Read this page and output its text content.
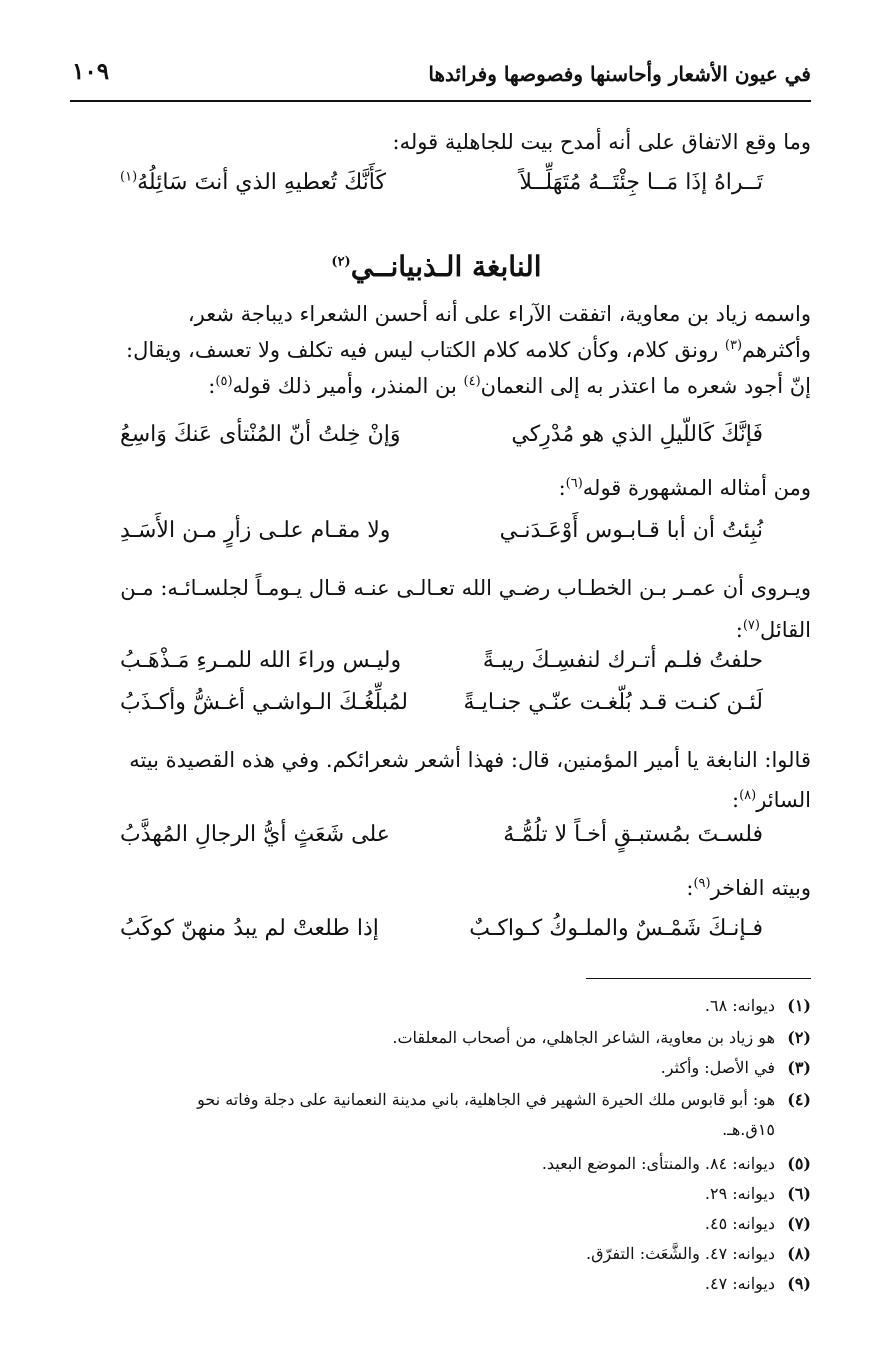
في عيون الأشعار وأحاسنها وفصوصها وفرائدها
١٠٩
وما وقع الاتفاق على أنه أمدح بيت للجاهلية قوله:
تَــراهُ إذَا مَــا جِئْتَــهُ مُتَهَلِّــلاً
كَأَنَّكَ تُعطيهِ الذي أنتَ سَائِلُهُ$^{(١)}$
النابغة الـذبيانــي$^{(٢)}$
واسمه زياد بن معاوية، اتفقت الآراء على أنه أحسن الشعراء ديباجة شعر،
وأكثرهم$^{(٣)}$ رونق كلام، وكأن كلامه كلام الكتاب ليس فيه تكلف ولا تعسف، ويقال:
إنّ أجود شعره ما اعتذر به إلى النعمان$^{(٤)}$ بن المنذر، وأمير ذلك قوله$^{(٥)}$:
فَإنَّكَ كَاللّيلِ الذي هو مُدْرِكي
وَإنْ خِلتُ أنّ المُنْتأى عَنكَ وَاسِعُ
ومن أمثاله المشهورة قوله$^{(٦)}$:
نُبِئتُ أن أبا قـابـوس أَوْعَـدَنـي
ولا مقـام علـى زأرٍ مـن الأَسَـدِ
ويـروى أن عمـر بـن الخطـاب رضـي الله تعـالـى عنـه قـال يـومـاً لجلسـائـه: مـن
القائل$^{(٧)}$:
حلفتُ فلـم أتـرك لنفسِـكَ ريبـةً
وليـس وراءَ الله للمـرءِ مَـذْهَـبُ
لَئـن كنـت قـد بُلّغـت عنّـي جنـايـةً
لمُبلِّغُـكَ الـواشـي أغـشُّ وأكـذَبُ
قالوا: النابغة يا أمير المؤمنين، قال: فهذا أشعر شعرائكم. وفي هذه القصيدة بيته
السائر$^{(٨)}$:
فلسـتَ بمُستبـقٍ أخـاً لا تلُمُّـهُ
على شَعَثٍ أيُّ الرجالِ المُهذَّبُ
وبيته الفاخر$^{(٩)}$:
فـإنـكَ شَمْـسٌ والملـوكُ كـواكـبٌ
إذا طلعتْ لم يبدُ منهنّ كوكَبُ
(١)ديوانه: ٦٨.
(٢)هو زياد بن معاوية، الشاعر الجاهلي، من أصحاب المعلقات.
(٣)في الأصل: وأكثر.
(٤)هو: أبو قابوس ملك الحيرة الشهير في الجاهلية، باني مدينة النعمانية على دجلة وفاته نحو
١٥ق.هـ.
(٥)ديوانه: ٨٤. والمنتأى: الموضع البعيد.
(٦)ديوانه: ٢٩.
(٧)ديوانه: ٤٥.
(٨)ديوانه: ٤٧. والشَّعَث: التفرّق.
(٩)ديوانه: ٤٧.
